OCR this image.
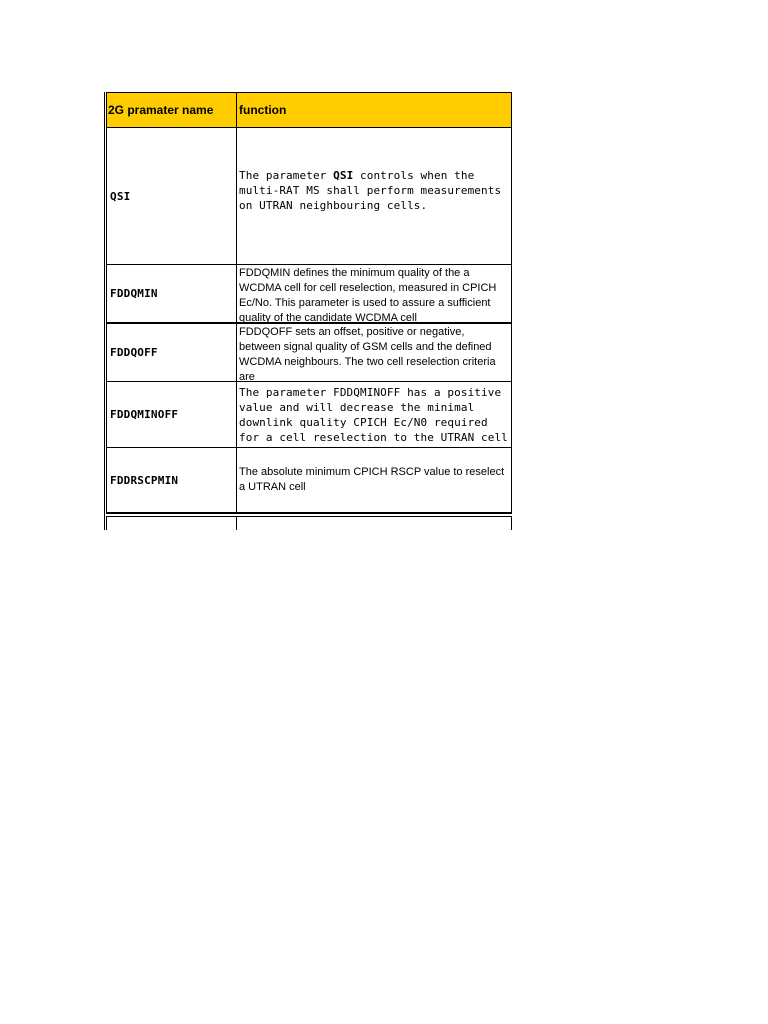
2G pramater name	function
QSI
The parameter QSI controls when the multi-RAT MS shall perform measurements on UTRAN neighbouring cells.
FDDQMIN
FDDQMIN defines the minimum quality of the a WCDMA cell for cell reselection, measured in CPICH Ec/No. This parameter is used to assure a sufficient quality of the candidate WCDMA cell
FDDQOFF
FDDQOFF sets an offset, positive or negative, between signal quality of GSM cells and the defined WCDMA neighbours. The two cell reselection criteria are
FDDQMINOFF
The parameter FDDQMINOFF has a positive value and will decrease the minimal downlink quality CPICH Ec/N0 required for a cell reselection to the UTRAN cell
FDDRSCPMIN
The absolute minimum CPICH RSCP value to reselect a UTRAN cell
